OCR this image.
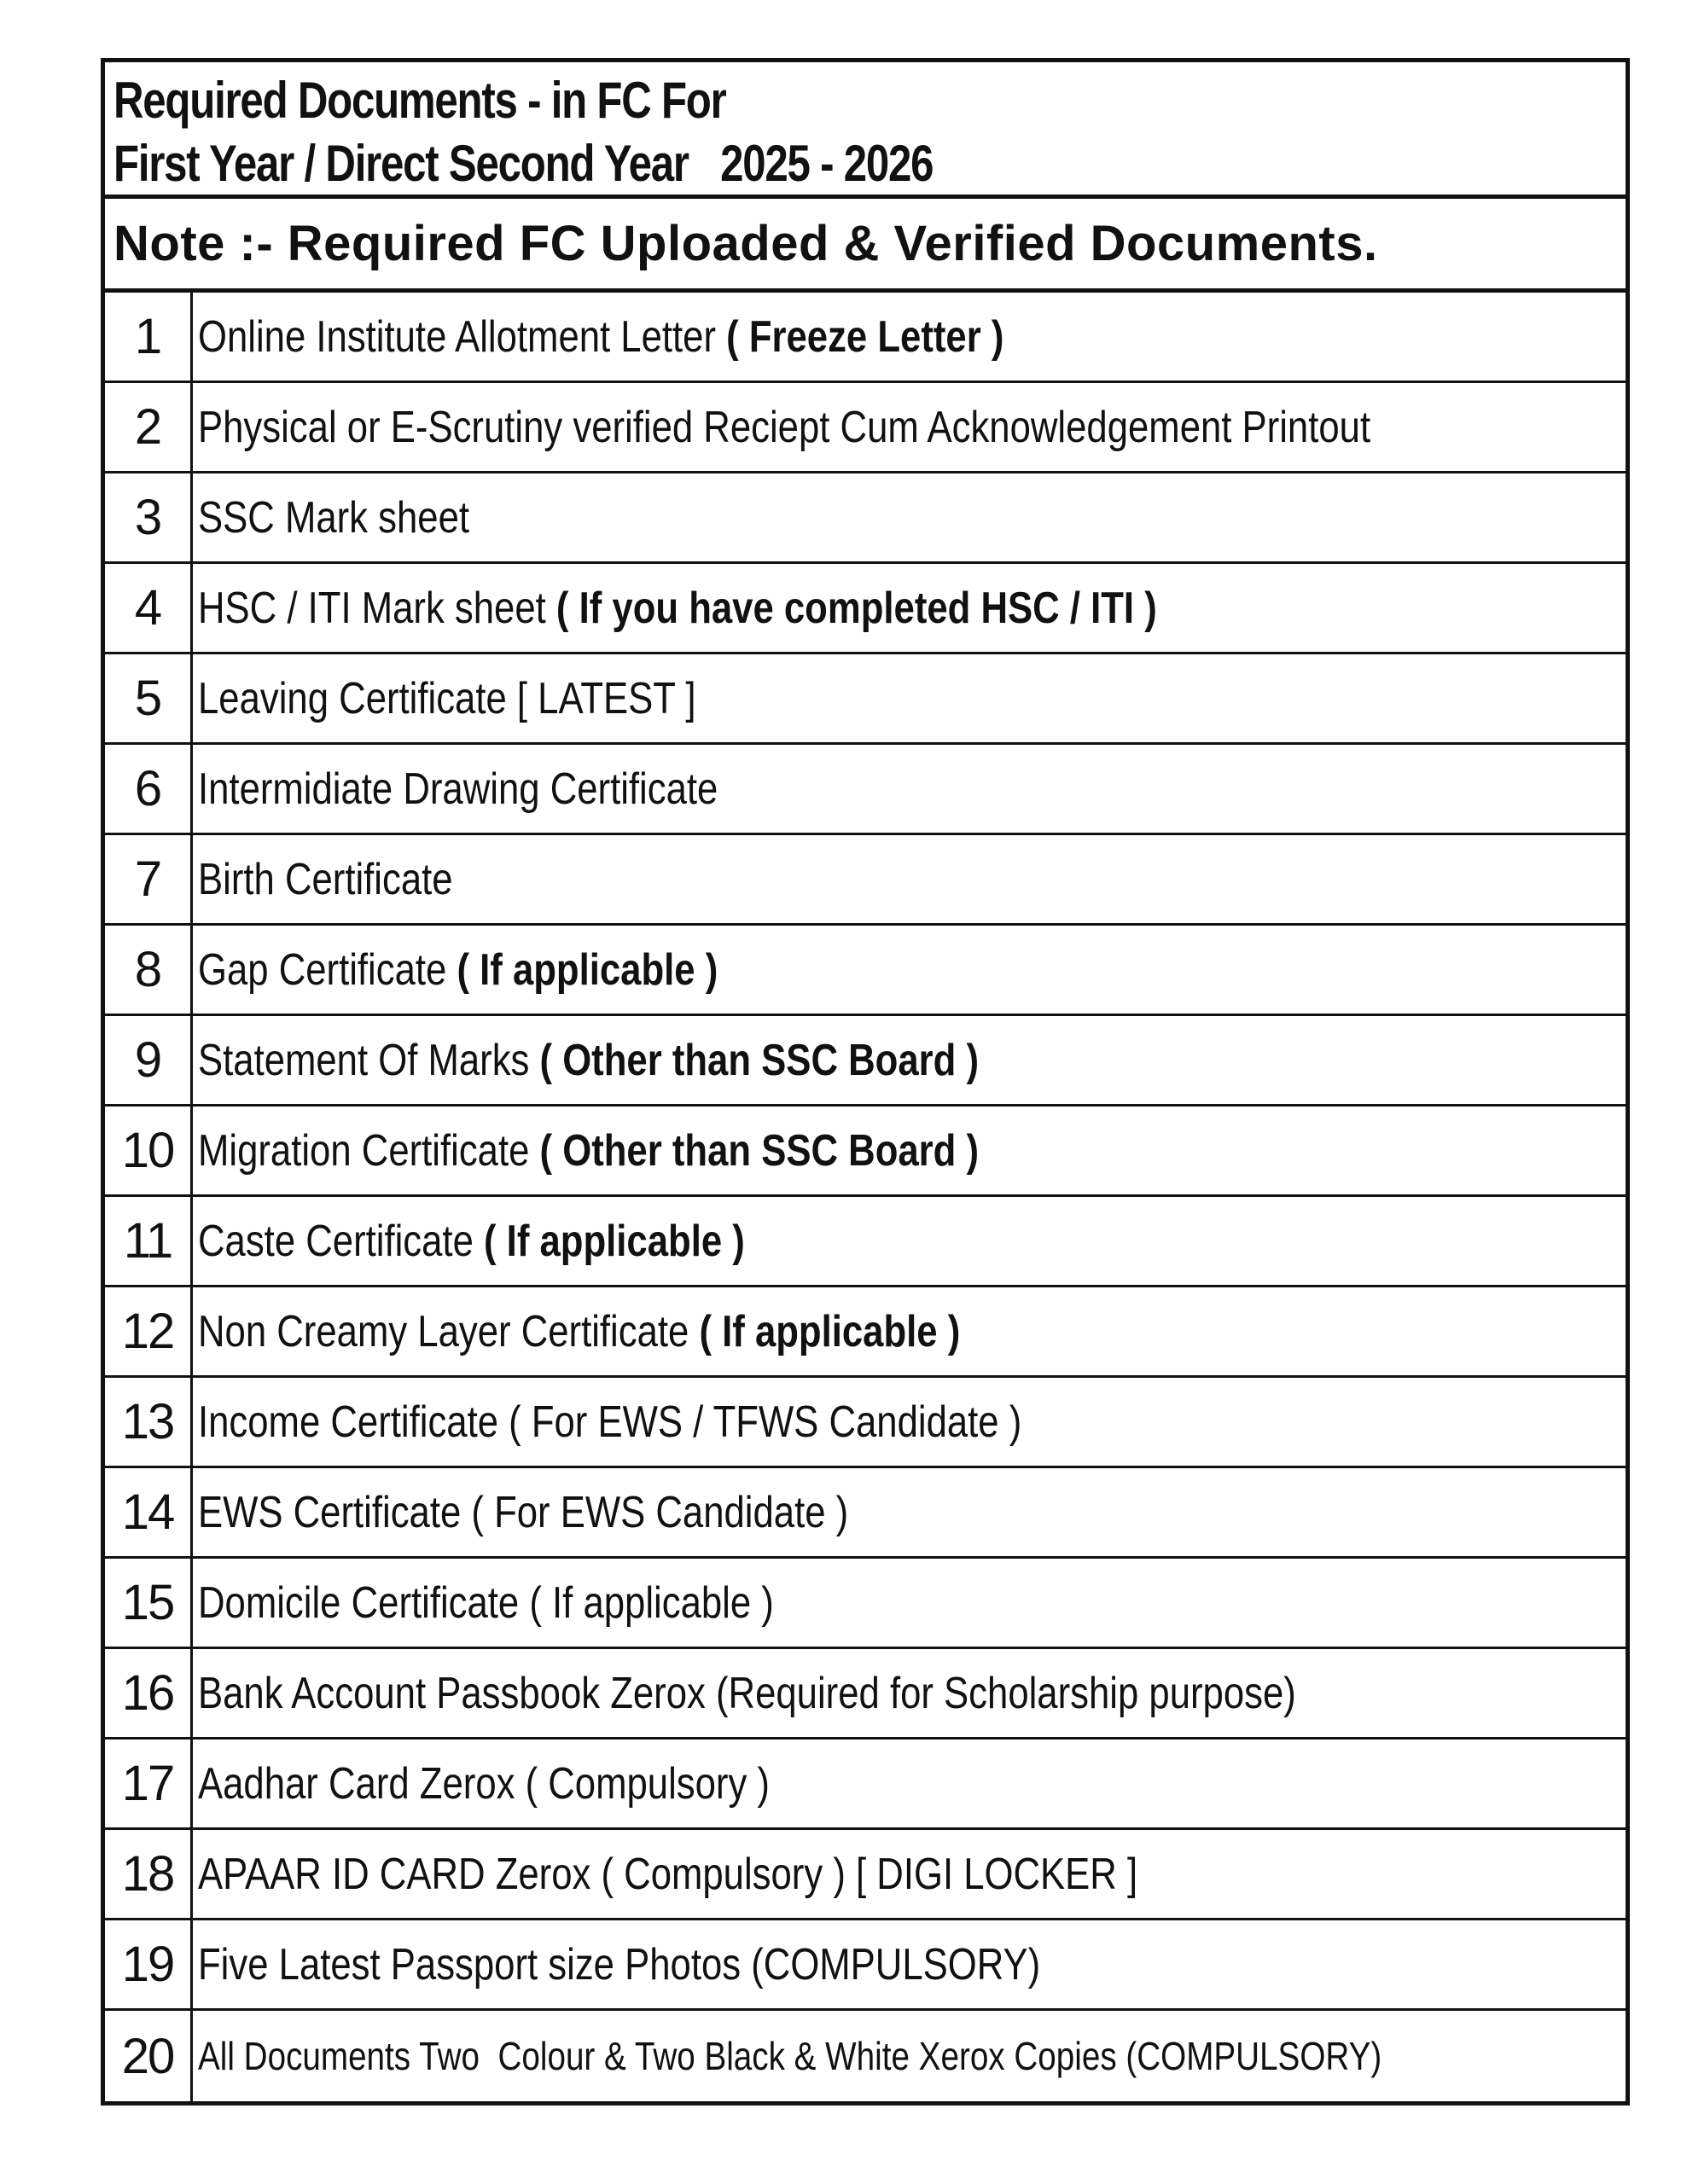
Required Documents - in FC For
First Year / Direct Second Year   2025 - 2026
Note :- Required FC Uploaded & Verified Documents.
1 Online Institute Allotment Letter ( Freeze Letter )
2 Physical or E-Scrutiny verified Reciept Cum Acknowledgement Printout
3 SSC Mark sheet
4 HSC / ITI Mark sheet ( If you have completed HSC / ITI )
5 Leaving Certificate [ LATEST ]
6 Intermidiate Drawing Certificate
7 Birth Certificate
8 Gap Certificate ( If applicable )
9 Statement Of Marks ( Other than SSC Board )
10 Migration Certificate ( Other than SSC Board )
11 Caste Certificate ( If applicable )
12 Non Creamy Layer Certificate ( If applicable )
13 Income Certificate ( For EWS / TFWS Candidate )
14 EWS Certificate ( For EWS Candidate )
15 Domicile Certificate ( If applicable )
16 Bank Account Passbook Zerox (Required for Scholarship purpose)
17 Aadhar Card Zerox ( Compulsory )
18 APAAR ID CARD Zerox ( Compulsory ) [ DIGI LOCKER ]
19 Five Latest Passport size Photos (COMPULSORY)
20 All Documents Two  Colour & Two Black & White Xerox Copies (COMPULSORY)
